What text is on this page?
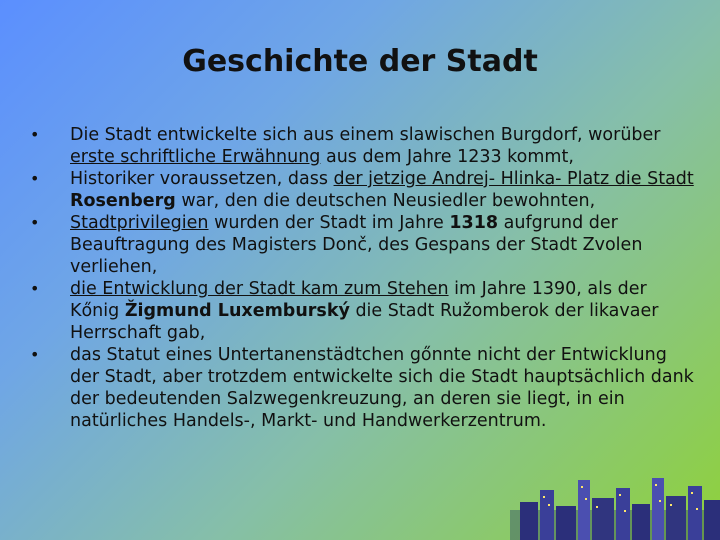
Geschichte der Stadt
• Die Stadt entwickelte sich aus einem slawischen Burgdorf, worüber erste schriftliche Erwähnung aus dem Jahre 1233 kommt,
• Historiker voraussetzen, dass der jetzige Andrej- Hlinka- Platz die Stadt Rosenberg war, den die deutschen Neusiedler bewohnten,
• Stadtprivilegien wurden der Stadt im Jahre 1318 aufgrund der Beauftragung des Magisters Donč, des Gespans der Stadt Zvolen verliehen,
• die Entwicklung der Stadt kam zum Stehen im Jahre 1390, als der Kőnig Žigmund Luxemburský die Stadt Ružomberok der likavaer Herrschaft gab,
• das Statut eines Untertanenstädtchen gőnnte nicht der Entwicklung der Stadt, aber trotzdem entwickelte sich die Stadt hauptsächlich dank der bedeutenden Salzwegenkreuzung, an deren sie liegt, in ein natürliches Handels-, Markt- und Handwerkerzentrum.
